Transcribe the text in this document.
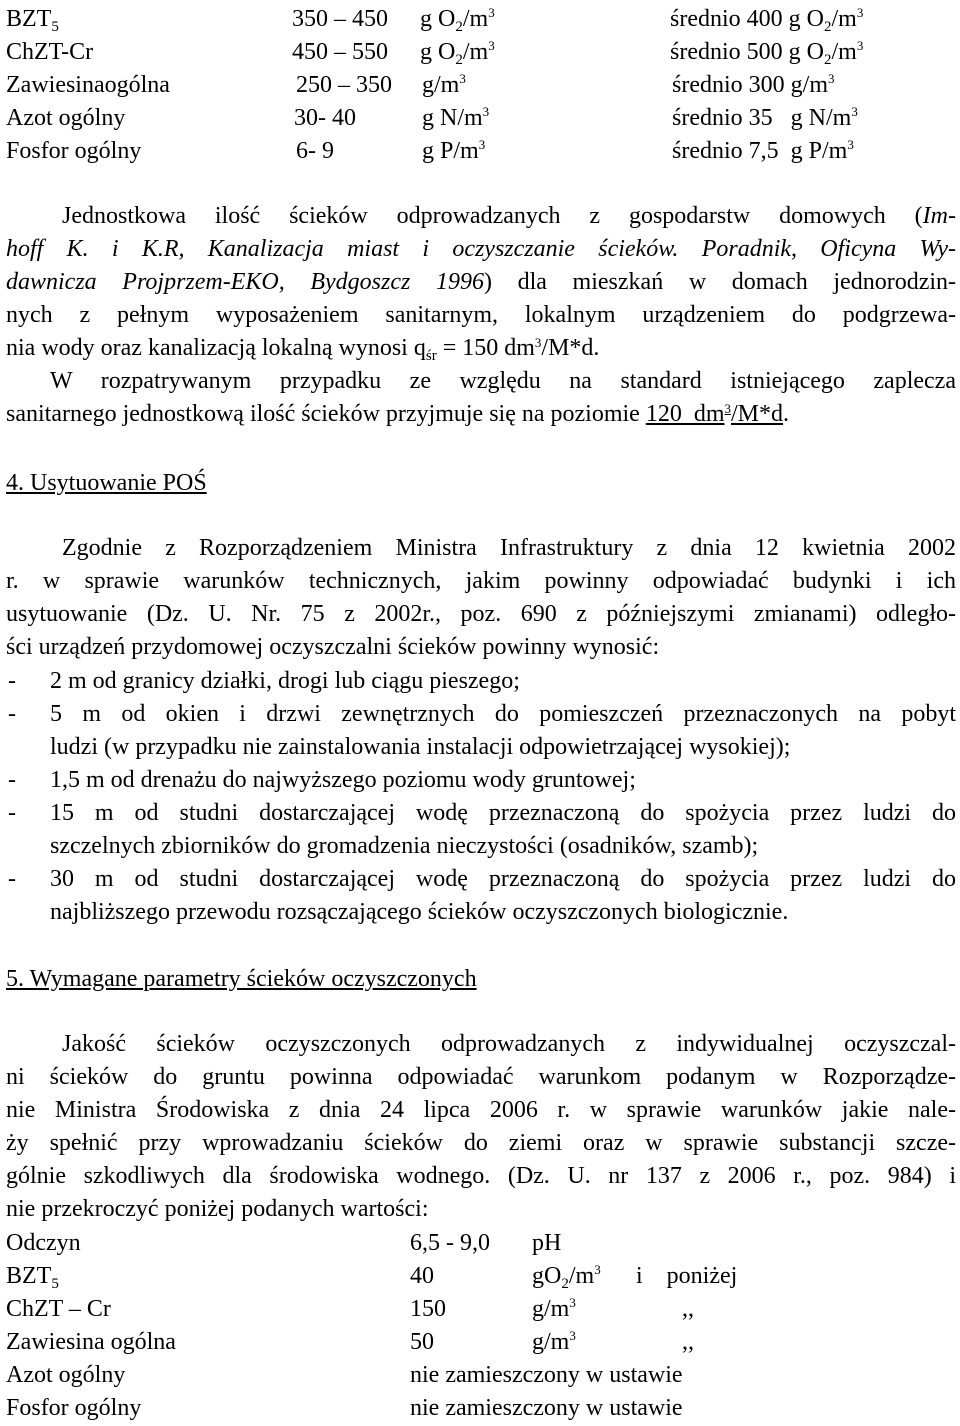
$BZT_5$	350 – 450 g $O_2/m^3$	średnio 400 g $O_2/m^3$
ChZT-Cr	450 – 550 g $O_2/m^3$	średnio 500 g $O_2/m^3$
Zawiesinaogólna	250 – 350 $g/m^3$	średnio 300 $g/m^3$
Azot ogólny	30- 40	g $N/m^3$	średnio 35   g $N/m^3$
Fosfor ogólny	6- 9	g $P/m^3$	średnio 7,5  g $P/m^3$
Jednostkowa ilość ścieków odprowadzanych z gospodarstw domowych (Im-
hoff K. i K.R, Kanalizacja miast i oczyszczanie ścieków. Poradnik, Oficyna Wy-
dawnicza Projprzem-EKO, Bydgoszcz 1996) dla mieszkań w domach jednorodzin-
nych z pełnym wyposażeniem sanitarnym, lokalnym urządzeniem do podgrzewa-
nia wody oraz kanalizacją lokalną wynosi $q_{śr} = 150$ $dm^3/M*d$.
W rozpatrywanym przypadku ze względu na standard istniejącego zaplecza
sanitarnego jednostkową ilość ścieków przyjmuje się na poziomie 120  $dm^3/M*d$.
4. Usytuowanie POŚ
Zgodnie z Rozporządzeniem Ministra Infrastruktury z dnia 12 kwietnia 2002
r. w sprawie warunków technicznych, jakim powinny odpowiadać budynki i ich
usytuowanie (Dz. U. Nr. 75 z 2002r., poz. 690 z późniejszymi zmianami) odległo-
ści urządzeń przydomowej oczyszczalni ścieków powinny wynosić:
- 2 m od granicy działki, drogi lub ciągu pieszego;
- 5 m od okien i drzwi zewnętrznych do pomieszczeń przeznaczonych na pobyt
ludzi (w przypadku nie zainstalowania instalacji odpowietrzającej wysokiej);
- 1,5 m od drenażu do najwyższego poziomu wody gruntowej;
- 15 m od studni dostarczającej wodę przeznaczoną do spożycia przez ludzi do
szczelnych zbiorników do gromadzenia nieczystości (osadników, szamb);
- 30 m od studni dostarczającej wodę przeznaczoną do spożycia przez ludzi do
najbliższego przewodu rozsączającego ścieków oczyszczonych biologicznie.
5. Wymagane parametry ścieków oczyszczonych
Jakość ścieków oczyszczonych odprowadzanych z indywidualnej oczyszczal-
ni ścieków do gruntu powinna odpowiadać warunkom podanym w Rozporządze-
nie Ministra Środowiska z dnia 24 lipca 2006 r. w sprawie warunków jakie nale-
ży spełnić przy wprowadzaniu ścieków do ziemi oraz w sprawie substancji szcze-
gólnie szkodliwych dla środowiska wodnego. (Dz. U. nr 137 z 2006 r., poz. 984) i
nie przekroczyć poniżej podanych wartości:
Odczyn	6,5 - 9,0 pH
$BZT_5$	40	$gO_2/m^3$ i    poniżej
ChZT – Cr	150	$g/m^3$	,,
Zawiesina ogólna	50	$g/m^3$	,,
Azot ogólny	nie zamieszczony w ustawie
Fosfor ogólny	nie zamieszczony w ustawie
